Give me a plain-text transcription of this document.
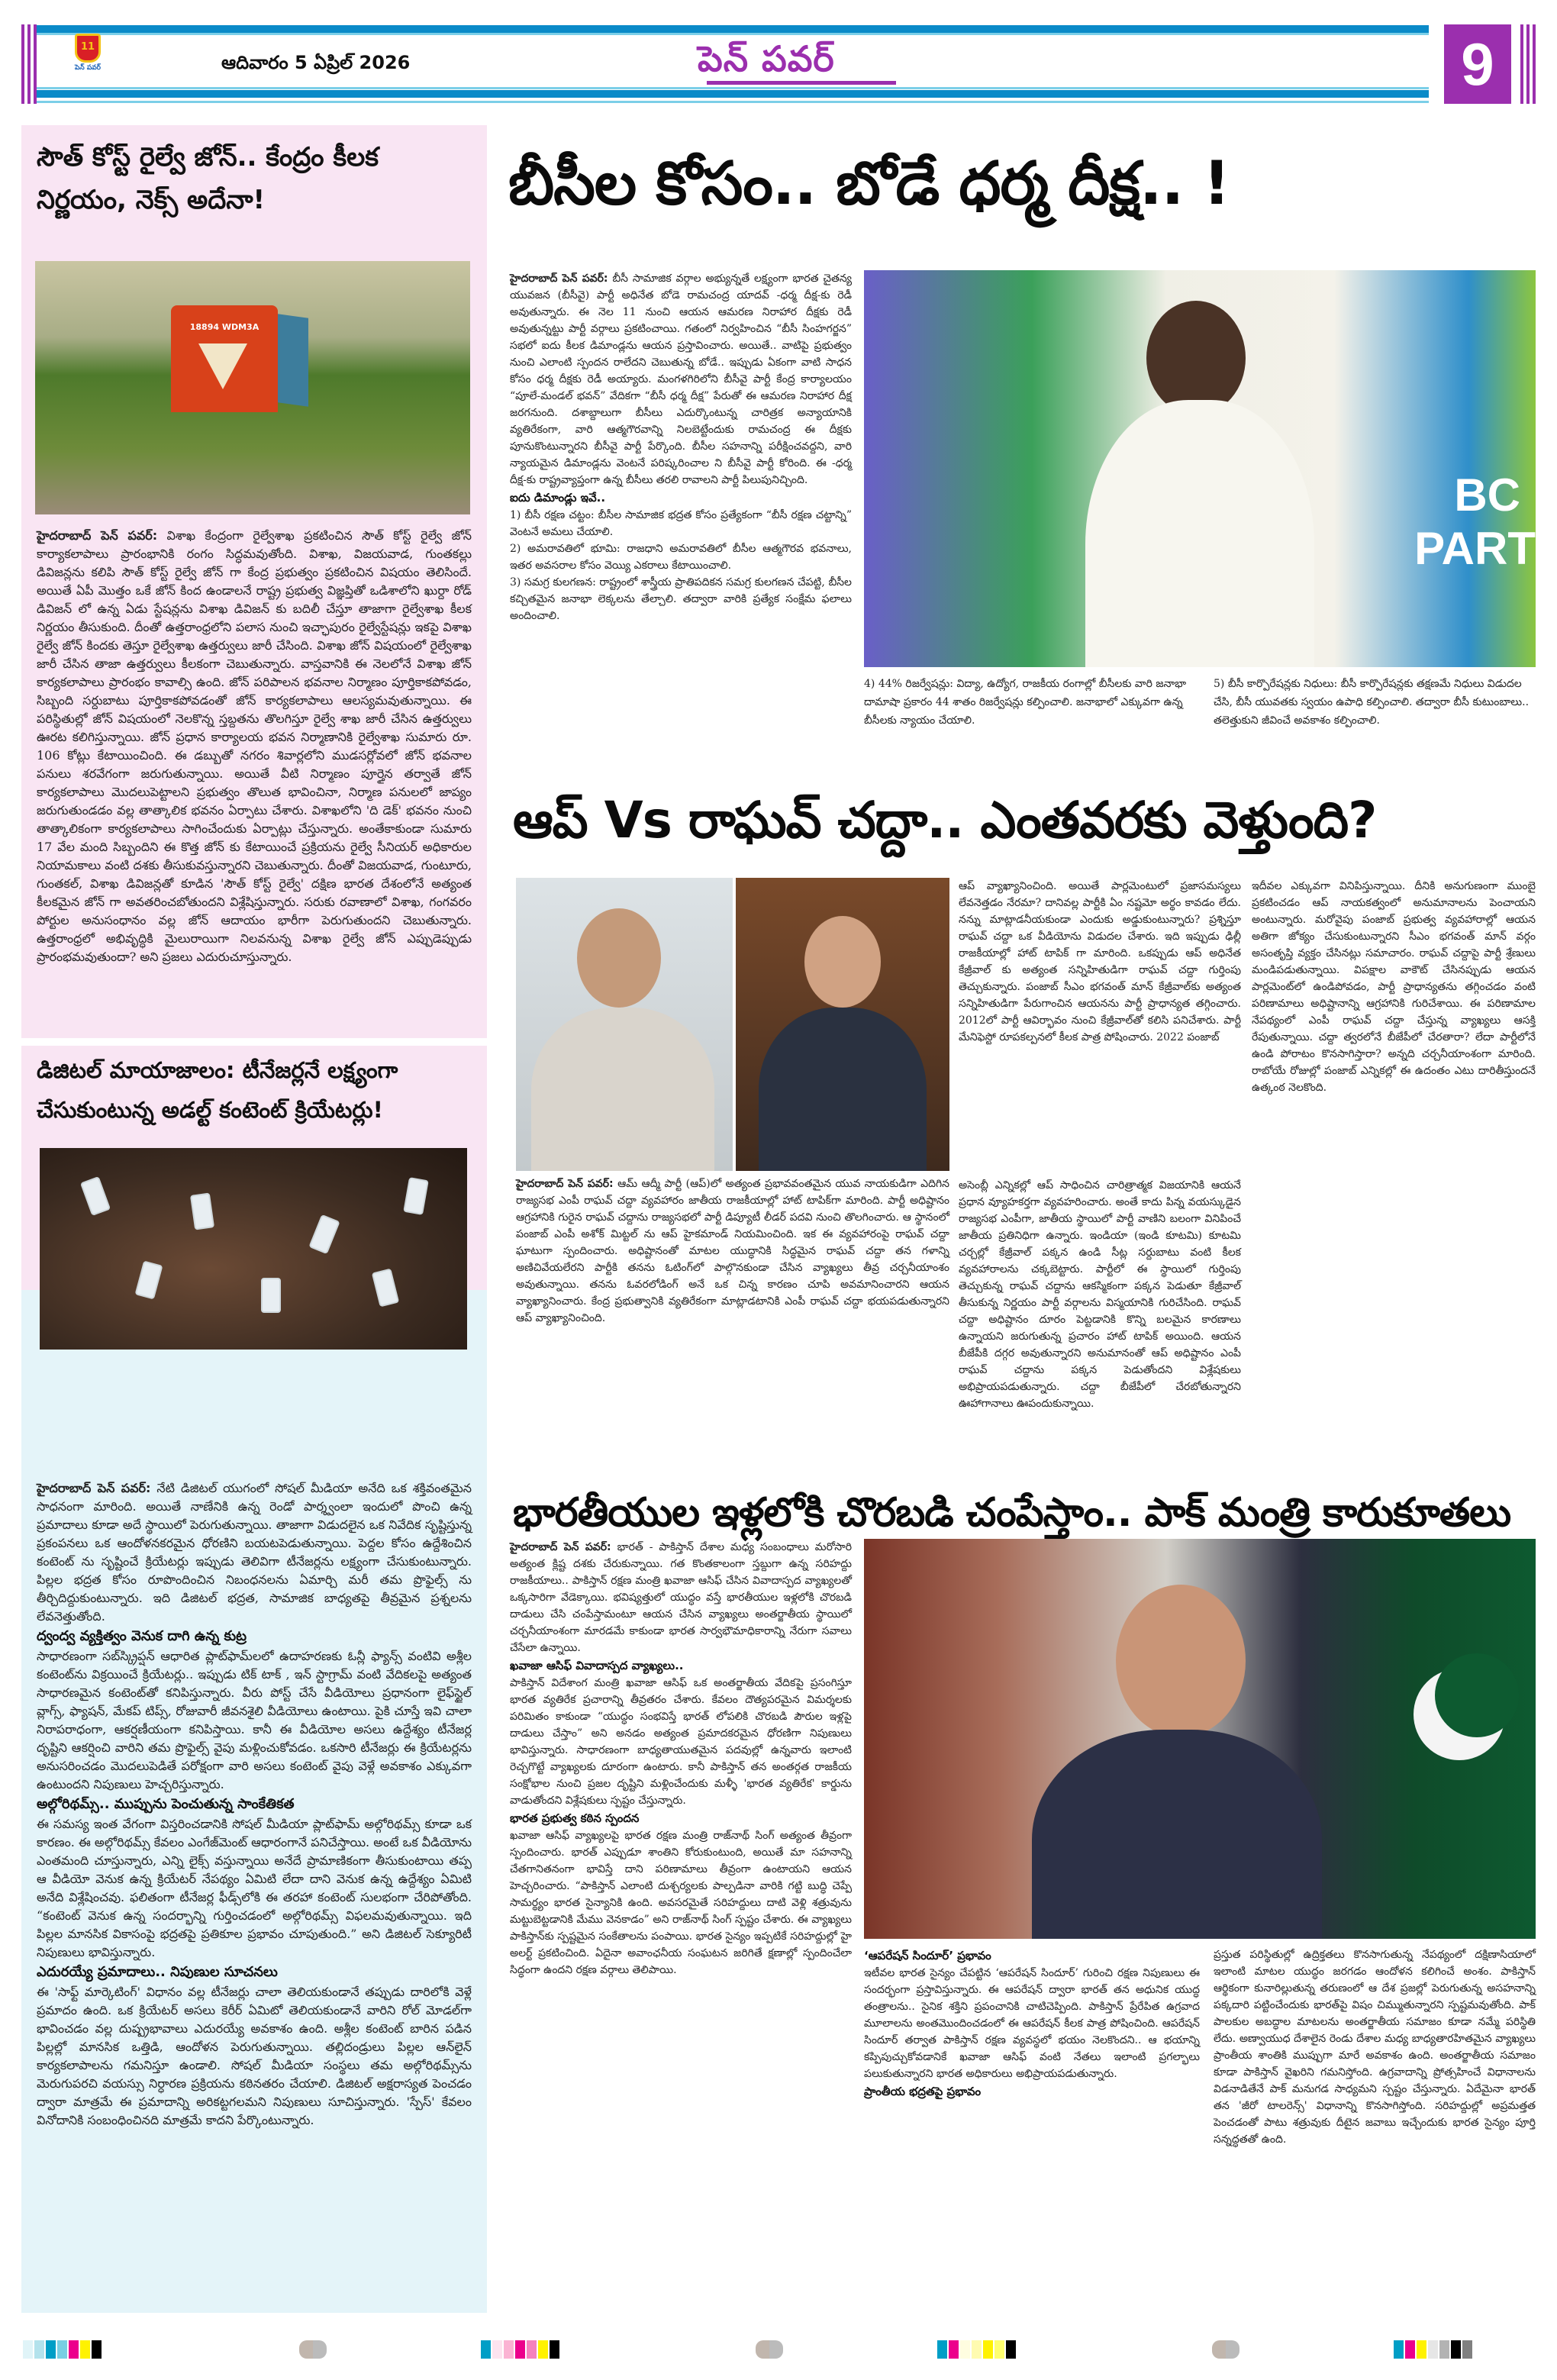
11
పెన్ పవర్	ఆదివారం 5 ఏప్రిల్ 2026	పెన్ పవర్	9
సౌత్ కోస్ట్ రైల్వే జోన్.. కేంద్రం కీలక నిర్ణయం, నెక్స్ అదేనా!
18894 WDM3A
హైదరాబాద్ పెన్ పవర్: విశాఖ కేంద్రంగా రైల్వేశాఖ ప్రకటించిన సౌత్ కోస్ట్ రైల్వే జోన్ కార్యాకలాపాలు ప్రారంభానికి రంగం సిద్ధమవుతోంది. విశాఖ, విజయవాడ, గుంతకల్లు డివిజన్లను కలిపి సౌత్ కోస్ట్ రైల్వే జోన్ గా కేంద్ర ప్రభుత్వం ప్రకటించిన విషయం తెలిసిందే. అయితే ఏపీ మొత్తం ఒకే జోన్ కింద ఉండాలనే రాష్ట్ర ప్రభుత్వ విజ్ఞప్తితో ఒడిశాలోని ఖుర్దా రోడ్ డివిజన్ లో ఉన్న ఏడు స్టేషన్లను విశాఖ డివిజన్ కు బదిలీ చేస్తూ తాజాగా రైల్వేశాఖ కీలక నిర్ణయం తీసుకుంది. దీంతో ఉత్తరాంధ్రలోని పలాస నుంచి ఇచ్ఛాపురం రైల్వేస్టేషన్లు ఇకపై విశాఖ రైల్వే జోన్ కిందకు తెస్తూ రైల్వేశాఖ ఉత్తర్వులు జారీ చేసింది. విశాఖ జోన్ విషయంలో రైల్వేశాఖ జారీ చేసిన తాజా ఉత్తర్వులు కీలకంగా చెబుతున్నారు. వాస్తవానికి ఈ నెలలోనే విశాఖ జోన్ కార్యకలాపాలు ప్రారంభం కావాల్సి ఉంది. జోన్ పరిపాలన భవనాల నిర్మాణం పూర్తికాకపోవడం, సిబ్బంది సర్దుబాటు పూర్తికాకపోవడంతో జోన్ కార్యకలాపాలు ఆలస్యమవుతున్నాయి. ఈ పరిస్థితుల్లో జోన్ విషయంలో నెలకొన్న స్తబ్దతను తొలగిస్తూ రైల్వే శాఖ జారీ చేసిన ఉత్తర్వులు ఊరట కలిగిస్తున్నాయి. జోన్ ప్రధాన కార్యాలయ భవన నిర్మాణానికి రైల్వేశాఖ సుమారు రూ. 106 కోట్లు కేటాయించింది. ఈ డబ్బుతో నగరం శివార్లలోని ముడసర్లోవలో జోన్ భవనాల పనులు శరవేగంగా జరుగుతున్నాయి. అయితే వీటి నిర్మాణం పూర్తైన తర్వాతే జోన్ కార్యకలాపాలు మొదలుపెట్టాలని ప్రభుత్వం తొలుత భావించినా, నిర్మాణ పనులలో జాప్యం జరుగుతుండడం వల్ల తాత్కాలిక భవనం ఏర్పాటు చేశారు. విశాఖలోని 'ది డెక్' భవనం నుంచి తాత్కాలికంగా కార్యకలాపాలు సాగించేందుకు ఏర్పాట్లు చేస్తున్నారు. అంతేకాకుండా సుమారు 17 వేల మంది సిబ్బందిని ఈ కొత్త జోన్ కు కేటాయించే ప్రక్రియను రైల్వే సీనియర్ అధికారుల నియామకాలు వంటి దశకు తీసుకువస్తున్నారని చెబుతున్నారు. దీంతో విజయవాడ, గుంటూరు, గుంతకల్, విశాఖ డివిజన్లతో కూడిన 'సౌత్ కోస్ట్ రైల్వే' దక్షిణ భారత దేశంలోనే అత్యంత కీలకమైన జోన్ గా అవతరించబోతుందని విశ్లేషిస్తున్నారు. సరుకు రవాణాలో విశాఖ, గంగవరం పోర్టుల అనుసంధానం వల్ల జోన్ ఆదాయం భారీగా పెరుగుతుందని చెబుతున్నారు. ఉత్తరాంధ్రలో అభివృద్ధికి మైలురాయిగా నిలవనున్న విశాఖ రైల్వే జోన్ ఎప్పుడెప్పుడు ప్రారంభమవుతుందా? అని ప్రజలు ఎదురుచూస్తున్నారు.
డిజిటల్ మాయాజాలం: టీనేజర్లనే లక్ష్యంగా చేసుకుంటున్న అడల్ట్ కంటెంట్ క్రియేటర్లు!
హైదరాబాద్ పెన్ పవర్: నేటి డిజిటల్ యుగంలో సోషల్ మీడియా అనేది ఒక శక్తివంతమైన సాధనంగా మారింది. అయితే నాణేనికి ఉన్న రెండో పార్శ్వంలా ఇందులో పొంచి ఉన్న ప్రమాదాలు కూడా అదే స్థాయిలో పెరుగుతున్నాయి. తాజాగా విడుదలైన ఒక నివేదిక సృష్టిస్తున్న ప్రకంపనలు ఒక ఆందోళనకరమైన ధోరణిని బయటపెడుతున్నాయి. పెద్దల కోసం ఉద్దేశించిన కంటెంట్ ను సృష్టించే క్రియేటర్లు ఇప్పుడు తెలివిగా టీనేజర్లను లక్ష్యంగా చేసుకుంటున్నారు. పిల్లల భద్రత కోసం రూపొందించిన నిబంధనలను ఏమార్చి మరీ తమ ప్రొఫైల్స్ ను తీర్చిదిద్దుకుంటున్నారు. ఇది డిజిటల్ భద్రత, సామాజిక బాధ్యతపై తీవ్రమైన ప్రశ్నలను లేవనెత్తుతోంది.
ద్వంద్వ వ్యక్తిత్వం వెనుక దాగి ఉన్న కుట్ర
సాధారణంగా సబ్‌స్క్రిప్షన్ ఆధారిత ప్లాట్‌ఫామ్‌లలో ఉదాహరణకు ఓన్లీ ఫ్యాన్స్ వంటివి అశ్లీల కంటెంట్‌ను విక్రయించే క్రియేటర్లు.. ఇప్పుడు టిక్ టాక్ , ఇన్ స్టాగ్రామ్ వంటి వేదికలపై అత్యంత సాధారణమైన కంటెంట్‌తో కనిపిస్తున్నారు. వీరు పోస్ట్ చేసే వీడియోలు ప్రధానంగా లైఫ్‌స్టైల్ వ్లాగ్స్, ఫ్యాషన్, మేకప్ టిప్స్, రోజువారీ జీవనశైలి వీడియోలు ఉంటాయి. పైకి చూస్తే ఇవి చాలా నిరాపరాధంగా, ఆకర్షణీయంగా కనిపిస్తాయి. కానీ ఈ వీడియోల అసలు ఉద్దేశ్యం టీనేజర్ల దృష్టిని ఆకర్షించి వారిని తమ ప్రొఫైల్స్ వైపు మళ్లించుకోవడం. ఒకసారి టీనేజర్లు ఈ క్రియేటర్లను అనుసరించడం మొదలుపెడితే పరోక్షంగా వారి అసలు కంటెంట్ వైపు వెళ్లే అవకాశం ఎక్కువగా ఉంటుందని నిపుణులు హెచ్చరిస్తున్నారు.
అల్గోరిథమ్స్.. ముప్పును పెంచుతున్న సాంకేతికత
ఈ సమస్య ఇంత వేగంగా విస్తరించడానికి సోషల్ మీడియా ప్లాట్‌ఫామ్ అల్గోరిథమ్స్ కూడా ఒక కారణం. ఈ అల్గోరిథమ్స్ కేవలం ఎంగేజ్‌మెంట్ ఆధారంగానే పనిచేస్తాయి. అంటే ఒక వీడియోను ఎంతమంది చూస్తున్నారు, ఎన్ని లైక్స్ వస్తున్నాయి అనేదే ప్రామాణికంగా తీసుకుంటాయి తప్ప ఆ వీడియో వెనుక ఉన్న క్రియేటర్ నేపథ్యం ఏమిటి లేదా దాని వెనుక ఉన్న ఉద్దేశ్యం ఏమిటి అనేది విశ్లేషించవు. ఫలితంగా టీనేజర్ల ఫీడ్స్‌లోకి ఈ తరహా కంటెంట్ సులభంగా చేరిపోతోంది. “కంటెంట్ వెనుక ఉన్న సందర్భాన్ని గుర్తించడంలో అల్గోరిథమ్స్ విఫలమవుతున్నాయి. ఇది పిల్లల మానసిక వికాసంపై భద్రతపై ప్రతికూల ప్రభావం చూపుతుంది.” అని డిజిటల్ సెక్యూరిటీ నిపుణులు భావిస్తున్నారు.
ఎదురయ్యే ప్రమాదాలు.. నిపుణుల సూచనలు
ఈ 'సాఫ్ట్ మార్కెటింగ్' విధానం వల్ల టీనేజర్లు చాలా తెలియకుండానే తప్పుడు దారిలోకి వెళ్లే ప్రమాదం ఉంది. ఒక క్రియేటర్ అసలు కెరీర్ ఏమిటో తెలియకుండానే వారిని రోల్ మోడల్‌గా భావించడం వల్ల దుష్ప్రభావాలు ఎదురయ్యే అవకాశం ఉంది. అశ్లీల కంటెంట్ బారిన పడిన పిల్లల్లో మానసిక ఒత్తిడి, ఆందోళన పెరుగుతున్నాయి. తల్లిదండ్రులు పిల్లల ఆన్‌లైన్ కార్యకలాపాలను గమనిస్తూ ఉండాలి. సోషల్ మీడియా సంస్థలు తమ అల్గోరిథమ్స్‌ను మెరుగుపరచి వయస్సు నిర్ధారణ ప్రక్రియను కఠినతరం చేయాలి. డిజిటల్ అక్షరాస్యత పెంచడం ద్వారా మాత్రమే ఈ ప్రమాదాన్ని అరికట్టగలమని నిపుణులు సూచిస్తున్నారు. 'స్పేస్' కేవలం వినోదానికి సంబంధించినది మాత్రమే కాదని పేర్కొంటున్నారు.
బీసీల కోసం.. బోడే ధర్మ దీక్ష.. !
హైదరాబాద్ పెన్ పవర్: బీసీ సామాజిక వర్గాల అభ్యున్నతే లక్ష్యంగా భారత చైతన్య యువజన (బీసీవై) పార్టీ అధినేత బోడె రామచంద్ర యాదవ్ -ధర్మ దీక్ష-కు రెడీ అవుతున్నారు. ఈ నెల 11 నుంచి ఆయన ఆమరణ నిరాహార దీక్షకు రెడీ అవుతున్నట్టు పార్టీ వర్గాలు ప్రకటించాయి. గతంలో నిర్వహించిన “బీసీ సింహగర్జన” సభలో ఐదు కీలక డిమాండ్లను ఆయన ప్రస్తావించారు. అయితే.. వాటిపై ప్రభుత్వం నుంచి ఎలాంటి స్పందన రాలేదని చెబుతున్న బోడే.. ఇప్పుడు ఏకంగా వాటి సాధన కోసం ధర్మ దీక్షకు రెడీ అయ్యారు. మంగళగిరిలోని బీసీవై పార్టీ కేంద్ర కార్యాలయం “పూలే-మండల్ భవన్” వేదికగా “బీసీ ధర్మ దీక్ష” పేరుతో ఈ ఆమరణ నిరాహార దీక్ష జరగనుంది. దశాబ్దాలుగా బీసీలు ఎదుర్కొంటున్న చారిత్రక అన్యాయానికి వ్యతిరేకంగా, వారి ఆత్మగౌరవాన్ని నిలబెట్టేందుకు రామచంద్ర ఈ దీక్షకు పూనుకొంటున్నారని బీసీవై పార్టీ పేర్కొంది. బీసీల సహనాన్ని పరీక్షించవద్దని, వారి న్యాయమైన డిమాండ్లను వెంటనే పరిష్కరించాల ని బీసీవై పార్టీ కోరింది. ఈ -ధర్మ దీక్ష-కు రాష్ట్రవ్యాప్తంగా ఉన్న బీసీలు తరలి రావాలని పార్టీ పిలుపునిచ్చింది.
ఐదు డిమాండ్లు ఇవే..
1) బీసీ రక్షణ చట్టం: బీసీల సామాజిక భద్రత కోసం ప్రత్యేకంగా “బీసీ రక్షణ చట్టాన్ని” వెంటనే అమలు చేయాలి.
2) అమరావతిలో భూమి: రాజధాని అమరావతిలో బీసీల ఆత్మగౌరవ భవనాలు, ఇతర అవసరాల కోసం వెయ్యి ఎకరాలు కేటాయించాలి.
3) సమగ్ర కులగణన: రాష్ట్రంలో శాస్త్రీయ ప్రాతిపదికన సమగ్ర కులగణన చేపట్టి, బీసీల కచ్చితమైన జనాభా లెక్కలను తేల్చాలి. తద్వారా వారికి ప్రత్యేక సంక్షేమ ఫలాలు అందించాలి.
BC
PART
4) 44% రిజర్వేషన్లు: విద్యా, ఉద్యోగ, రాజకీయ రంగాల్లో బీసీలకు వారి జనాభా దామాషా ప్రకారం 44 శాతం రిజర్వేషన్లు కల్పించాలి. జనాభాలో ఎక్కువగా ఉన్న బీసీలకు న్యాయం చేయాలి.
5) బీసీ కార్పొరేషన్లకు నిధులు: బీసీ కార్పొరేషన్లకు తక్షణమే నిధులు విడుదల చేసి, బీసీ యువతకు స్వయం ఉపాధి కల్పించాలి. తద్వారా బీసీ కుటుంబాలు.. తలెత్తుకుని జీవించే అవకాశం కల్పించాలి.
ఆప్ Vs రాఘవ్ చద్దా.. ఎంతవరకు వెళ్తుంది?
హైదరాబాద్ పెన్ పవర్: ఆమ్ ఆద్మీ పార్టీ (ఆప్)లో అత్యంత ప్రభావవంతమైన యువ నాయకుడిగా ఎదిగిన రాజ్యసభ ఎంపీ రాఘవ్ చద్దా వ్యవహారం జాతీయ రాజకీయాల్లో హాట్ టాపిక్‌గా మారింది. పార్టీ అధిష్టానం ఆగ్రహానికి గురైన రాఘవ్ చద్దాను రాజ్యసభలో పార్టీ డిప్యూటీ లీడర్ పదవి నుంచి తొలగించారు. ఆ స్థానంలో పంజాబ్ ఎంపీ అశోక్ మిట్టల్ ను ఆప్ హైకమాండ్ నియమించింది. ఇక ఈ వ్యవహారంపై రాఘవ్ చద్దా ఘాటుగా స్పందించారు. అధిష్టానంతో మాటల యుద్ధానికి సిద్ధమైన రాఘవ్ చద్దా తన గళాన్ని అణిచివేయలేరని పార్టీకి తనను ఓటింగ్‌లో పాల్గొనకుండా చేసిన వ్యాఖ్యలు తీవ్ర చర్చనీయాంశం అవుతున్నాయి. తనను ఓవరలోడింగ్ అనే ఒక చిన్న కారణం చూపి అవమానించారని ఆయన వ్యాఖ్యానించారు. కేంద్ర ప్రభుత్వానికి వ్యతిరేకంగా మాట్లాడటానికి ఎంపీ రాఘవ్ చద్దా భయపడుతున్నారని ఆప్ వ్యాఖ్యానించింది.
ఆప్ వ్యాఖ్యానించింది. అయితే పార్లమెంటులో ప్రజాసమస్యలు లేవనెత్తడం నేరమా? దానివల్ల పార్టీకి ఏం నష్టమో అర్థం కావడం లేదు. నన్ను మాట్లాడనీయకుండా ఎందుకు అడ్డుకుంటున్నారు? ప్రశ్నిస్తూ రాఘవ్ చద్దా ఒక వీడియోను విడుదల చేశారు. ఇది ఇప్పుడు ఢిల్లీ రాజకీయాల్లో హాట్ టాపిక్ గా మారింది. ఒకప్పుడు ఆప్ అధినేత కేజ్రీవాల్ కు అత్యంత సన్నిహితుడిగా రాఘవ్ చద్దా గుర్తింపు తెచ్చుకున్నారు. పంజాబ్ సీఎం భగవంత్ మాన్ కేజ్రీవాల్‌కు అత్యంత సన్నిహితుడిగా పేరుగాంచిన ఆయనను పార్టీ ప్రాధాన్యత తగ్గించారు. 2012లో పార్టీ ఆవిర్భావం నుంచి కేజ్రీవాల్‌తో కలిసి పనిచేశారు. పార్టీ మేనిఫెస్టో రూపకల్పనలో కీలక పాత్ర పోషించారు. 2022 పంజాబ్
అసెంబ్లీ ఎన్నికల్లో ఆప్ సాధించిన చారిత్రాత్మక విజయానికి ఆయనే ప్రధాన వ్యూహకర్తగా వ్యవహరించారు. అంతే కాదు పిన్న వయస్కుడైన రాజ్యసభ ఎంపీగా, జాతీయ స్థాయిలో పార్టీ వాణిని బలంగా వినిపించే జాతీయ ప్రతినిధిగా ఉన్నారు. ఇండియా (ఇండి కూటమి) కూటమి చర్చల్లో కేజ్రీవాల్ పక్కన ఉండి సీట్ల సర్దుబాటు వంటి కీలక వ్యవహారాలను చక్కబెట్టారు. పార్టీలో ఈ స్థాయిలో గుర్తింపు తెచ్చుకున్న రాఘవ్ చద్దాను ఆకస్మికంగా పక్కన పెడుతూ కేజ్రీవాల్ తీసుకున్న నిర్ణయం పార్టీ వర్గాలను విస్మయానికి గురిచేసింది. రాఘవ్ చద్దా అధిష్టానం దూరం పెట్టడానికి కొన్ని బలమైన కారణాలు ఉన్నాయని జరుగుతున్న ప్రచారం హాట్ టాపిక్ అయింది. ఆయన బీజేపీకి దగ్గర అవుతున్నారని అనుమానంతో ఆప్ అధిష్టానం ఎంపీ రాఘవ్ చద్దాను పక్కన పెడుతోందని విశ్లేషకులు అభిప్రాయపడుతున్నారు. చద్దా బీజేపీలో చేరబోతున్నారని ఊహాగానాలు ఊపందుకున్నాయి.
ఇదీవల ఎక్కువగా వినిపిస్తున్నాయి. దీనికి అనుగుణంగా ముంబై ప్రకటించడం ఆప్ నాయకత్వంలో అనుమానాలను పెంచాయని అంటున్నారు. మరోవైపు పంజాబ్ ప్రభుత్వ వ్యవహారాల్లో ఆయన అతిగా జోక్యం చేసుకుంటున్నారని సీఎం భగవంత్ మాన్ వర్గం అసంతృప్తి వ్యక్తం చేసినట్లు సమాచారం. రాఘవ్ చద్దాపై పార్టీ శ్రేణులు మండిపడుతున్నాయి. విపక్షాల వాకౌట్ చేసినప్పుడు ఆయన పార్లమెంట్‌లో ఉండిపోవడం, పార్టీ ప్రాధాన్యతను తగ్గించడం వంటి పరిణామాలు అధిష్టానాన్ని ఆగ్రహానికి గురిచేశాయి. ఈ పరిణామాల నేపథ్యంలో ఎంపీ రాఘవ్ చద్దా చేస్తున్న వ్యాఖ్యలు ఆసక్తి రేపుతున్నాయి. చద్దా త్వరలోనే బీజేపీలో చేరతారా? లేదా పార్టీలోనే ఉండి పోరాటం కొనసాగిస్తారా? అన్నది చర్చనీయాంశంగా మారింది. రాబోయే రోజుల్లో పంజాబ్ ఎన్నికల్లో ఈ ఉదంతం ఎటు దారితీస్తుందనే ఉత్కంఠ నెలకొంది.
భారతీయుల ఇళ్లలోకి చొరబడి చంపేస్తాం.. పాక్ మంత్రి కారుకూతలు
హైదరాబాద్ పెన్ పవర్: భారత్ - పాకిస్తాన్ దేశాల మధ్య సంబంధాలు మరోసారి అత్యంత క్లిష్ట దశకు చేరుకున్నాయి. గత కొంతకాలంగా స్తబ్దుగా ఉన్న సరిహద్దు రాజకీయాలు.. పాకిస్తాన్ రక్షణ మంత్రి ఖవాజా ఆసిఫ్ చేసిన వివాదాస్పద వ్యాఖ్యలతో ఒక్కసారిగా వేడెక్కాయి. భవిష్యత్తులో యుద్ధం వస్తే భారతీయుల ఇళ్లలోకి చొరబడి దాడులు చేసి చంపేస్తామంటూ ఆయన చేసిన వ్యాఖ్యలు అంతర్జాతీయ స్థాయిలో చర్చనీయాంశంగా మారడమే కాకుండా భారత సార్వభౌమాధికారాన్ని నేరుగా సవాలు చేసేలా ఉన్నాయి.
ఖవాజా ఆసిఫ్ వివాదాస్పద వ్యాఖ్యలు..
పాకిస్తాన్ విదేశాంగ మంత్రి ఖవాజా ఆసిఫ్ ఒక అంతర్జాతీయ వేదికపై ప్రసంగిస్తూ భారత వ్యతిరేక ప్రచారాన్ని తీవ్రతరం చేశారు. కేవలం దౌత్యపరమైన విమర్శలకు పరిమితం కాకుండా “యుద్ధం సంభవిస్తే భారత్ లోపలికి చొరబడి పౌరుల ఇళ్లపై దాడులు చేస్తాం” అని అనడం అత్యంత ప్రమాదకరమైన ధోరణిగా నిపుణులు భావిస్తున్నారు. సాధారణంగా బాధ్యతాయుతమైన పదవుల్లో ఉన్నవారు ఇలాంటి రెచ్చగొట్టే వ్యాఖ్యలకు దూరంగా ఉంటారు. కానీ పాకిస్తాన్ తన అంతర్గత రాజకీయ సంక్షోభాల నుంచి ప్రజల దృష్టిని మళ్లించేందుకు మళ్ళీ 'భారత వ్యతిరేక' కార్డును వాడుతోందని విశ్లేషకులు స్పష్టం చేస్తున్నారు.
భారత ప్రభుత్వ కఠిన స్పందన
ఖవాజా ఆసిఫ్ వ్యాఖ్యలపై భారత రక్షణ మంత్రి రాజ్‌నాథ్ సింగ్ అత్యంత తీవ్రంగా స్పందించారు. భారత్ ఎప్పుడూ శాంతిని కోరుకుంటుంది, అయితే మా సహనాన్ని చేతగానితనంగా భావిస్తే దాని పరిణామాలు తీవ్రంగా ఉంటాయని ఆయన హెచ్చరించారు. “పాకిస్తాన్ ఎలాంటి దుశ్చర్యలకు పాల్పడినా వారికి గట్టి బుద్ధి చెప్పే సామర్థ్యం భారత సైన్యానికి ఉంది. అవసరమైతే సరిహద్దులు దాటి వెళ్లి శత్రువును మట్టుబెట్టడానికి మేము వెనకాడం” అని రాజ్‌నాథ్ సింగ్ స్పష్టం చేశారు. ఈ వ్యాఖ్యలు పాకిస్తాన్‌కు స్పష్టమైన సంకేతాలను పంపాయి. భారత సైన్యం ఇప్పటికే సరిహద్దుల్లో హై అలర్ట్ ప్రకటించింది. ఏదైనా అవాంఛనీయ సంఘటన జరిగితే క్షణాల్లో స్పందించేలా సిద్ధంగా ఉందని రక్షణ వర్గాలు తెలిపాయి.
‘ఆపరేషన్ సిందూర్’ ప్రభావం
ఇటీవల భారత సైన్యం చేపట్టిన ‘ఆపరేషన్ సిందూర్’ గురించి రక్షణ నిపుణులు ఈ సందర్భంగా ప్రస్తావిస్తున్నారు. ఈ ఆపరేషన్ ద్వారా భారత్ తన అధునిక యుద్ధ తంత్రాలను.. సైనిక శక్తిని ప్రపంచానికి చాటిచెప్పింది. పాకిస్తాన్ ప్రేరేపిత ఉగ్రవాద మూలాలను అంతమొందించడంలో ఈ ఆపరేషన్ కీలక పాత్ర పోషించింది. ఆపరేషన్ సిందూర్ తర్వాత పాకిస్తాన్ రక్షణ వ్యవస్థలో భయం నెలకొందని.. ఆ భయాన్ని కప్పిపుచ్చుకోవడానికే ఖవాజా ఆసిఫ్ వంటి నేతలు ఇలాంటి ప్రగల్భాలు పలుకుతున్నారని భారత అధికారులు అభిప్రాయపడుతున్నారు.
ప్రాంతీయ భద్రతపై ప్రభావం
ప్రస్తుత పరిస్థితుల్లో ఉద్రిక్తతలు కొనసాగుతున్న నేపథ్యంలో దక్షిణాసియాలో ఇలాంటి మాటల యుద్ధం జరగడం ఆందోళన కలిగించే అంశం. పాకిస్తాన్ ఆర్థికంగా కునారిల్లుతున్న తరుణంలో ఆ దేశ ప్రజల్లో పెరుగుతున్న అసహనాన్ని పక్కదారి పట్టించేందుకు భారత్‌పై విషం చిమ్ముతున్నారని స్పష్టమవుతోంది. పాక్ పాలకుల అబద్ధాల మాటలను అంతర్జాతీయ సమాజం కూడా నమ్మే పరిస్థితి లేదు. అణ్వాయుధ దేశాలైన రెండు దేశాల మధ్య బాధ్యతారహితమైన వ్యాఖ్యలు ప్రాంతీయ శాంతికి ముప్పుగా మారే అవకాశం ఉంది. అంతర్జాతీయ సమాజం కూడా పాకిస్తాన్ వైఖరిని గమనిస్తోంది. ఉగ్రవాదాన్ని ప్రోత్సహించే విధానాలను విడనాడితేనే పాక్ మనుగడ సాధ్యమని స్పష్టం చేస్తున్నారు. ఏదేమైనా భారత్ తన 'జీరో టాలరెన్స్' విధానాన్ని కొనసాగిస్తోంది. సరిహద్దుల్లో అప్రమత్తత పెంచడంతో పాటు శత్రువుకు దీటైన జవాబు ఇచ్చేందుకు భారత సైన్యం పూర్తి సన్నద్ధతతో ఉంది.
